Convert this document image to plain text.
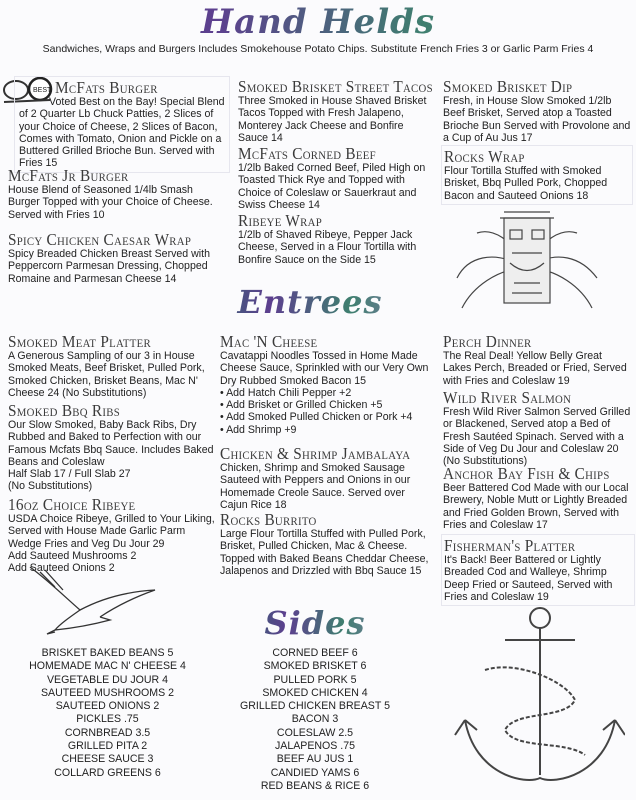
Hand Helds
Sandwiches, Wraps and Burgers Includes Smokehouse Potato Chips. Substitute French Fries 3 or Garlic Parm Fries 4
BEST McFats Burger

Voted Best on the Bay! Special Blend of 2 Quarter Lb Chuck Patties, 2 Slices of your Choice of Cheese, 2 Slices of Bacon, Comes with Tomato, Onion and Pickle on a Buttered Grilled Brioche Bun. Served with Fries 15

McFats Jr Burger

House Blend of Seasoned 1/4lb Smash Burger Topped with your Choice of Cheese. Served with Fries 10

Spicy Chicken Caesar Wrap

Spicy Breaded Chicken Breast Served with Peppercorn Parmesan Dressing, Chopped Romaine and Parmesan Cheese 14

Smoked Brisket Street Tacos

Three Smoked in House Shaved Brisket Tacos Topped with Fresh Jalapeno, Monterey Jack Cheese and Bonfire Sauce 14

McFats Corned Beef

1/2lb Baked Corned Beef, Piled High on Toasted Thick Rye and Topped with Choice of Coleslaw or Sauerkraut and Swiss Cheese 14

Ribeye Wrap

1/2lb of Shaved Ribeye, Pepper Jack Cheese, Served in a Flour Tortilla with Bonfire Sauce on the Side 15

Smoked Brisket Dip

Fresh, in House Slow Smoked 1/2lb Beef Brisket, Served atop a Toasted Brioche Bun Served with Provolone and a Cup of Au Jus 17

Rocks Wrap

Flour Tortilla Stuffed with Smoked Brisket, Bbq Pulled Pork, Chopped Bacon and Sauteed Onions 18

Entrees
Smoked Meat Platter

A Generous Sampling of our 3 in House Smoked Meats, Beef Brisket, Pulled Pork, Smoked Chicken, Brisket Beans, Mac N' Cheese 24 (No Substitutions)

Smoked Bbq Ribs

Our Slow Smoked, Baby Back Ribs, Dry Rubbed and Baked to Perfection with our Famous Mcfats Bbq Sauce. Includes Baked Beans and Coleslaw
Half Slab 17 / Full Slab 27
(No Substitutions)

16oz Choice Ribeye

USDA Choice Ribeye, Grilled to Your Liking, Served with House Made Garlic Parm Wedge Fries and Veg Du Jour 29
Add Sauteed Mushrooms 2
Add Sauteed Onions 2

Mac 'N Cheese

Cavatappi Noodles Tossed in Home Made Cheese Sauce, Sprinkled with our Very Own Dry Rubbed Smoked Bacon 15
• Add Hatch Chili Pepper +2
• Add Brisket or Grilled Chicken +5
• Add Smoked Pulled Chicken or Pork +4
• Add Shrimp +9

Chicken & Shrimp Jambalaya

Chicken, Shrimp and Smoked Sausage Sauteed with Peppers and Onions in our Homemade Creole Sauce. Served over Cajun Rice 18

Rocks Burrito

Large Flour Tortilla Stuffed with Pulled Pork, Brisket, Pulled Chicken, Mac & Cheese. Topped with Baked Beans Cheddar Cheese, Jalapenos and Drizzled with Bbq Sauce 15

Perch Dinner

The Real Deal! Yellow Belly Great Lakes Perch, Breaded or Fried, Served with Fries and Coleslaw 19

Wild River Salmon

Fresh Wild River Salmon Served Grilled or Blackened, Served atop a Bed of Fresh Sautéed Spinach. Served with a Side of Veg Du Jour and Coleslaw 20 (No Substitutions)

Anchor Bay Fish & Chips

Beer Battered Cod Made with our Local Brewery, Noble Mutt or Lightly Breaded and Fried Golden Brown, Served with Fries and Coleslaw 17

Fisherman's Platter

It's Back! Beer Battered or Lightly Breaded Cod and Walleye, Shrimp Deep Fried or Sauteed, Served with Fries and Coleslaw 19

Sides
BRISKET BAKED BEANS 5
HOMEMADE MAC N' CHEESE 4
VEGETABLE DU JOUR 4
SAUTEED MUSHROOMS 2
SAUTEED ONIONS 2
PICKLES .75
CORNBREAD 3.5
GRILLED PITA 2
CHEESE SAUCE 3
COLLARD GREENS 6
CORNED BEEF 6
SMOKED BRISKET 6
PULLED PORK 5
SMOKED CHICKEN 4
GRILLED CHICKEN BREAST 5
BACON 3
COLESLAW 2.5
JALAPENOS .75
BEEF AU JUS 1
CANDIED YAMS 6
RED BEANS & RICE 6
